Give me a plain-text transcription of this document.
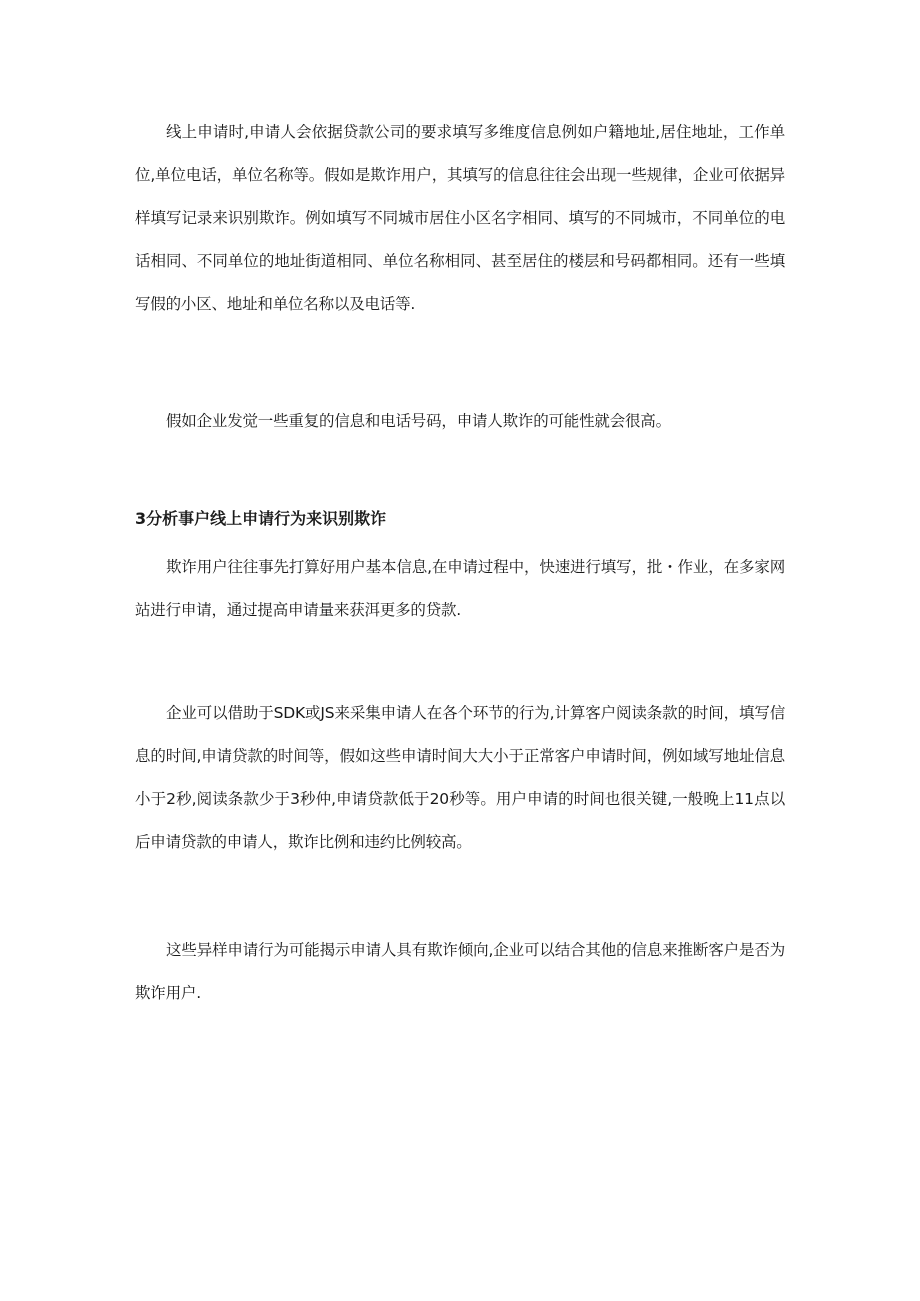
线上申请时,申请人会依据贷款公司的要求填写多维度信息例如户籍地址,居住地址，工作单位,单位电话，单位名称等。假如是欺诈用户，其填写的信息往往会出现一些规律，企业可依据异样填写记录来识别欺诈。例如填写不同城市居住小区名字相同、填写的不同城市，不同单位的电话相同、不同单位的地址街道相同、单位名称相同、甚至居住的楼层和号码都相同。还有一些填写假的小区、地址和单位名称以及电话等.

假如企业发觉一些重复的信息和电话号码，申请人欺诈的可能性就会很高。

3分析事户线上申请行为来识别欺诈

欺诈用户往往事先打算好用户基本信息,在申请过程中，快速进行填写，批・作业，在多家网站进行申请，通过提高申请量来获洱更多的贷款.

企业可以借助于SDK或JS来采集申请人在各个环节的行为,计算客户阅读条款的时间，填写信息的时间,申请贷款的时间等，假如这些申请时间大大小于正常客户申请时间，例如域写地址信息小于2秒,阅读条款少于3秒仲,申请贷款低于20秒等。用户申请的时间也很关键,一般晚上11点以后申请贷款的申请人，欺诈比例和违约比例较高。

这些异样申请行为可能揭示申请人具有欺诈倾向,企业可以结合其他的信息来推断客户是否为欺诈用户.
